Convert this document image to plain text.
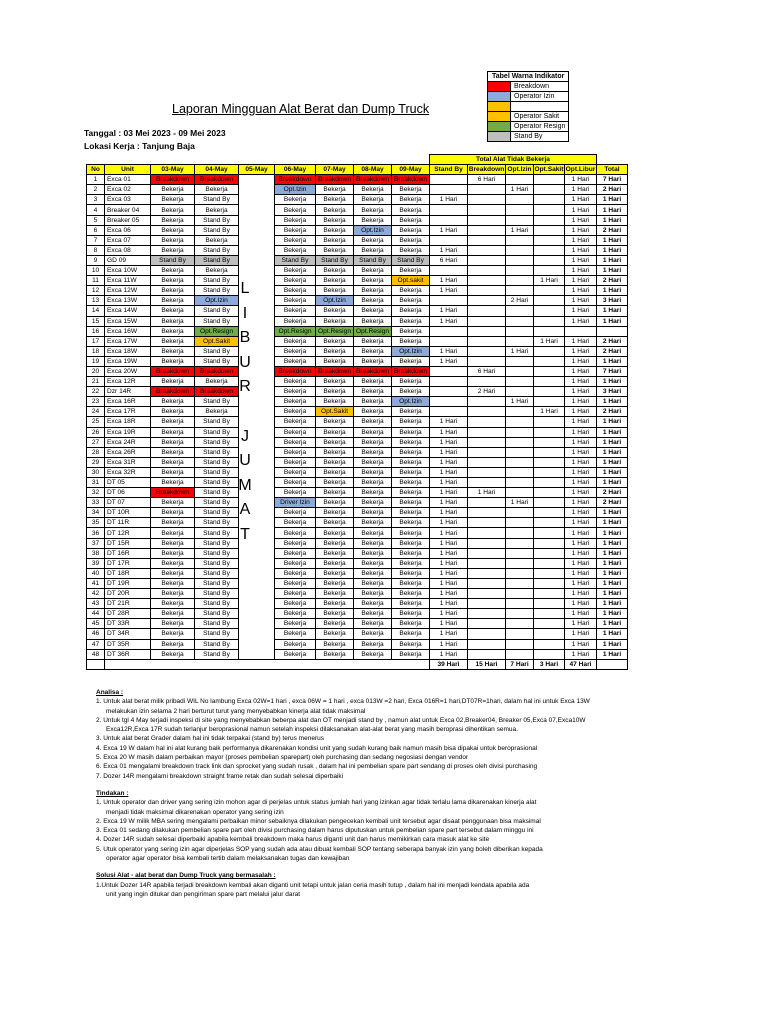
Tabel Warna Indikator	
	Breakdown
	Operator Izin

	Operator Sakit
	Operator Resign
	Stand By
Laporan Mingguan Alat Berat dan Dump Truck
Tanggal : 03 Mei 2023 - 09 Mei 2023
Lokasi Kerja : Tanjung Baja
									Total Alat Tidak Bekerja					
No	Unit	03-May	04-May	05-May	06-May	07-May	08-May	09-May	Stand By	Breakdown	Opt.Izin	Opt.Sakit	Opt.Libur	Total
1	Exca 01	Breakdown	Breakdown		Breakdown	Breakdown	Breakdown	Breakdown		6 Hari			1 Hari	7 Hari
2	Exca 02	Bekerja	Bekerja		Opt.Izin	Bekerja	Bekerja	Bekerja			1 Hari		1 Hari	2 Hari
3	Exca 03	Bekerja	Stand By		Bekerja	Bekerja	Bekerja	Bekerja	1 Hari				1 Hari	1 Hari
4	Breaker 04	Bekerja	Bekerja		Bekerja	Bekerja	Bekerja	Bekerja					1 Hari	1 Hari
5	Breaker 05	Bekerja	Stand By		Bekerja	Bekerja	Bekerja	Bekerja					1 Hari	1 Hari
6	Exca 06	Bekerja	Stand By		Bekerja	Bekerja	Opt.Izin	Bekerja	1 Hari		1 Hari		1 Hari	2 Hari
7	Exca 07	Bekerja	Bekerja		Bekerja	Bekerja	Bekerja	Bekerja					1 Hari	1 Hari
8	Exca 08	Bekerja	Stand By		Bekerja	Bekerja	Bekerja	Bekerja	1 Hari				1 Hari	1 Hari
9	GD 09	Stand By	Stand By		Stand By	Stand By	Stand By	Stand By	6 Hari				1 Hari	1 Hari
10	Exca 10W	Bekerja	Bekerja		Bekerja	Bekerja	Bekerja	Bekerja					1 Hari	1 Hari
11	Exca 11W	Bekerja	Stand By		Bekerja	Bekerja	Bekerja	Opt.sakit	1 Hari			1 Hari	1 Hari	2 Hari
12	Exca 12W	Bekerja	Stand By		Bekerja	Bekerja	Bekerja	Bekerja	1 Hari				1 Hari	1 Hari
13	Exca 13W	Bekerja	Opt.Izin		Bekerja	Opt.Izin	Bekerja	Bekerja			2 Hari		1 Hari	3 Hari
14	Exca 14W	Bekerja	Stand By		Bekerja	Bekerja	Bekerja	Bekerja	1 Hari				1 Hari	1 Hari
15	Exca 15W	Bekerja	Stand By		Bekerja	Bekerja	Bekerja	Bekerja	1 Hari				1 Hari	1 Hari
16	Exca 16W	Bekerja	Opt.Resign		Opt.Resign	Opt.Resign	Opt.Resign	Bekerja						
17	Exca 17W	Bekerja	Opt.Sakit		Bekerja	Bekerja	Bekerja	Bekerja				1 Hari	1 Hari	2 Hari
18	Exca 18W	Bekerja	Stand By		Bekerja	Bekerja	Bekerja	Opt.Izin	1 Hari		1 Hari		1 Hari	2 Hari
19	Exca 19W	Bekerja	Stand By		Bekerja	Bekerja	Bekerja	Bekerja	1 Hari				1 Hari	1 Hari
20	Exca 20W	Breakdown	Breakdown		Breakdown	Breakdown	Breakdown	Breakdown		6 Hari			1 Hari	7 Hari
21	Exca 12R	Bekerja	Bekerja		Bekerja	Bekerja	Bekerja	Bekerja					1 Hari	1 Hari
22	Dzr 14R	Breakdown	Breakdown		Bekerja	Bekerja	Bekerja	Bekerja		2 Hari			1 Hari	3 Hari
23	Exca 16R	Bekerja	Stand By		Bekerja	Bekerja	Bekerja	Opt.Izin			1 Hari		1 Hari	1 Hari
24	Exca 17R	Bekerja	Bekerja		Bekerja	Opt.Sakit	Bekerja	Bekerja				1 Hari	1 Hari	2 Hari
25	Exca 18R	Bekerja	Stand By		Bekerja	Bekerja	Bekerja	Bekerja	1 Hari				1 Hari	1 Hari
26	Exca 19R	Bekerja	Stand By		Bekerja	Bekerja	Bekerja	Bekerja	1 Hari				1 Hari	1 Hari
27	Exca 24R	Bekerja	Stand By		Bekerja	Bekerja	Bekerja	Bekerja	1 Hari				1 Hari	1 Hari
28	Exca 26R	Bekerja	Stand By		Bekerja	Bekerja	Bekerja	Bekerja	1 Hari				1 Hari	1 Hari
29	Exca 31R	Bekerja	Stand By		Bekerja	Bekerja	Bekerja	Bekerja	1 Hari				1 Hari	1 Hari
30	Exca 32R	Bekerja	Stand By		Bekerja	Bekerja	Bekerja	Bekerja	1 Hari				1 Hari	1 Hari
31	DT 05	Bekerja	Stand By		Bekerja	Bekerja	Bekerja	Bekerja	1 Hari				1 Hari	1 Hari
32	DT 06	Breakdown	Stand By		Bekerja	Bekerja	Bekerja	Bekerja	1 Hari	1 Hari			1 Hari	2 Hari
33	DT 07	Bekerja	Stand By		Driver Izin	Bekerja	Bekerja	Bekerja	1 Hari		1 Hari		1 Hari	2 Hari
34	DT 10R	Bekerja	Stand By		Bekerja	Bekerja	Bekerja	Bekerja	1 Hari				1 Hari	1 Hari
35	DT 11R	Bekerja	Stand By		Bekerja	Bekerja	Bekerja	Bekerja	1 Hari				1 Hari	1 Hari
36	DT 12R	Bekerja	Stand By		Bekerja	Bekerja	Bekerja	Bekerja	1 Hari				1 Hari	1 Hari
37	DT 15R	Bekerja	Stand By		Bekerja	Bekerja	Bekerja	Bekerja	1 Hari				1 Hari	1 Hari
38	DT 16R	Bekerja	Stand By		Bekerja	Bekerja	Bekerja	Bekerja	1 Hari				1 Hari	1 Hari
39	DT 17R	Bekerja	Stand By		Bekerja	Bekerja	Bekerja	Bekerja	1 Hari				1 Hari	1 Hari
40	DT 18R	Bekerja	Stand By		Bekerja	Bekerja	Bekerja	Bekerja	1 Hari				1 Hari	1 Hari
41	DT 19R	Bekerja	Stand By		Bekerja	Bekerja	Bekerja	Bekerja	1 Hari				1 Hari	1 Hari
42	DT 20R	Bekerja	Stand By		Bekerja	Bekerja	Bekerja	Bekerja	1 Hari				1 Hari	1 Hari
43	DT 21R	Bekerja	Stand By		Bekerja	Bekerja	Bekerja	Bekerja	1 Hari				1 Hari	1 Hari
44	DT 28R	Bekerja	Stand By		Bekerja	Bekerja	Bekerja	Bekerja	1 Hari				1 Hari	1 Hari
45	DT 33R	Bekerja	Stand By		Bekerja	Bekerja	Bekerja	Bekerja	1 Hari				1 Hari	1 Hari
46	DT 34R	Bekerja	Stand By		Bekerja	Bekerja	Bekerja	Bekerja	1 Hari				1 Hari	1 Hari
47	DT 35R	Bekerja	Stand By		Bekerja	Bekerja	Bekerja	Bekerja	1 Hari				1 Hari	1 Hari
48	DT 36R	Bekerja	Stand By		Bekerja	Bekerja	Bekerja	Bekerja	1 Hari				1 Hari	1 Hari
									39 Hari	15 Hari	7 Hari	3 Hari	47 Hari	
L
I
B
U
R
J
U
M
A
T

Analisa :

1. Untuk alat berat milik pribadi WIL No lambung Exca 02W=1 hari , exca 06W = 1 hari , exca 013W =2 hari, Exca 016R=1 hari,DT07R=1hari, dalam hal ini untuk Exca 13W

melakukan izin selama 2 hari berturut turut yang menyebabkan kinerja alat tidak maksimal

2. Untuk tgl 4 May terjadi inspeksi di site yang menyebabkan beberpa alat dan OT menjadi stand by , namun alat untuk Exca 02,Breaker04, Breaker 05,Exca 07,Exca10W

Exca12R,Exca 17R sudah terlanjur beroprasional namun setelah inspeksi dilaksanakan alat-alat berat yang masih beroprasi dihentikan semua.

3. Untuk alat berat Grader dalam hal ini tidak terpakai (stand by) terus menerus

4. Exca 19 W dalam hal ini alat kurang baik performanya dikarenakan kondisi unit yang sudah kurang baik namun masih bisa dipakai untuk beroprasional

5. Exca 20 W masih dalam perbaikan mayor (proses pembelian sparepart) oleh purchasing dan sedang negosiasi dengan vendor

6. Exca 01 mengalami breakdown track link dan sprocket yang sudah rusak , dalam hal ini pembelian spare part sendang di proses oleh divisi purchasing

7. Dozer 14R mengalami breakdown straight frame retak dan sudah selesai diperbaiki

Tindakan :

1. Untuk operator dan driver yang sering izin mohon agar di perjelas untuk status jumlah hari yang izinkan agar tidak terlalu lama dikarenakan kinerja alat

menjadi tidak maksimal dikarenakan operator yang sering izin

2. Exca 19 W milik MBA sering mengalami perbaikan minor sebaiknya dilakukan pengecekan kembali unit tersebut agar disaat penggunaan bisa maksimal

3. Exca 01 sedang dilakukan pembelian spare part oleh divisi purchasing dalam harus diputuskan untuk pembelian spare part tersebut dalam minggu ini

4. Dozer 14R sudah selesai diperbaiki apabila kembali breakdown maka harus diganti unit dan harus memikirkan cara masuk alat ke site

5. Utuk operator yang sering izin agar diperjelas SOP yang sudah ada atau dibuat kembali SOP tentang seberapa banyak izin yang boleh diberikan kepada

operator agar operator bisa kembali tertib dalam melaksanakan tugas dan kewajiban

Solusi Alat - alat berat dan Dump Truck yang bermasalah :

1.Untuk Dozer 14R apabila terjadi breakdown kembali akan diganti unit tetapi untuk jalan ceria masih tutup , dalam hal ini menjadi kendala apabila ada

unit yang ingin ditukar dan pengiriman spare part melalui jalur darat
